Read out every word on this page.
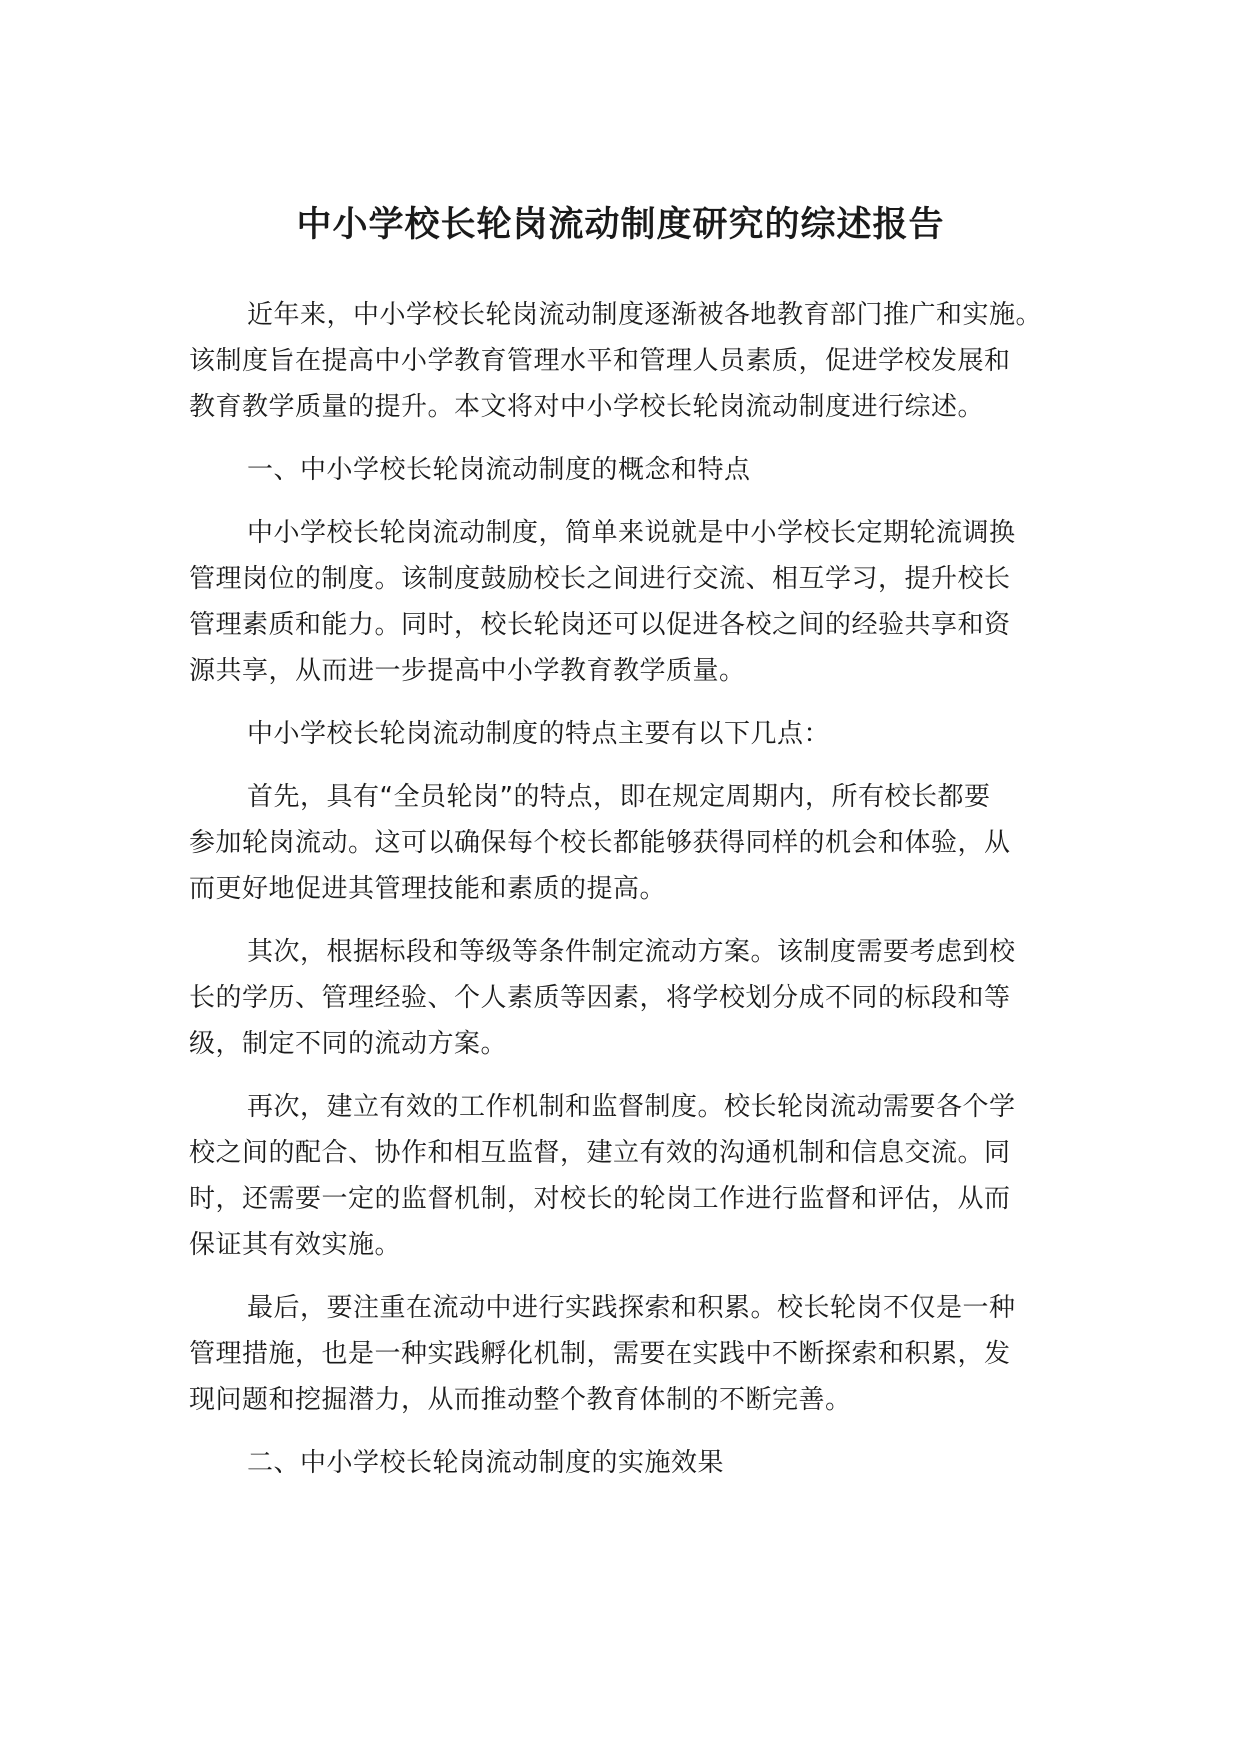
中小学校长轮岗流动制度研究的综述报告

近年来，中小学校长轮岗流动制度逐渐被各地教育部门推广和实施。
该制度旨在提高中小学教育管理水平和管理人员素质，促进学校发展和
教育教学质量的提升。本文将对中小学校长轮岗流动制度进行综述。

一、中小学校长轮岗流动制度的概念和特点

中小学校长轮岗流动制度，简单来说就是中小学校长定期轮流调换
管理岗位的制度。该制度鼓励校长之间进行交流、相互学习，提升校长
管理素质和能力。同时，校长轮岗还可以促进各校之间的经验共享和资
源共享，从而进一步提高中小学教育教学质量。

中小学校长轮岗流动制度的特点主要有以下几点：

首先，具有“全员轮岗”的特点，即在规定周期内，所有校长都要
参加轮岗流动。这可以确保每个校长都能够获得同样的机会和体验，从
而更好地促进其管理技能和素质的提高。

其次，根据标段和等级等条件制定流动方案。该制度需要考虑到校
长的学历、管理经验、个人素质等因素，将学校划分成不同的标段和等
级，制定不同的流动方案。

再次，建立有效的工作机制和监督制度。校长轮岗流动需要各个学
校之间的配合、协作和相互监督，建立有效的沟通机制和信息交流。同
时，还需要一定的监督机制，对校长的轮岗工作进行监督和评估，从而
保证其有效实施。

最后，要注重在流动中进行实践探索和积累。校长轮岗不仅是一种
管理措施，也是一种实践孵化机制，需要在实践中不断探索和积累，发
现问题和挖掘潜力，从而推动整个教育体制的不断完善。

二、中小学校长轮岗流动制度的实施效果
